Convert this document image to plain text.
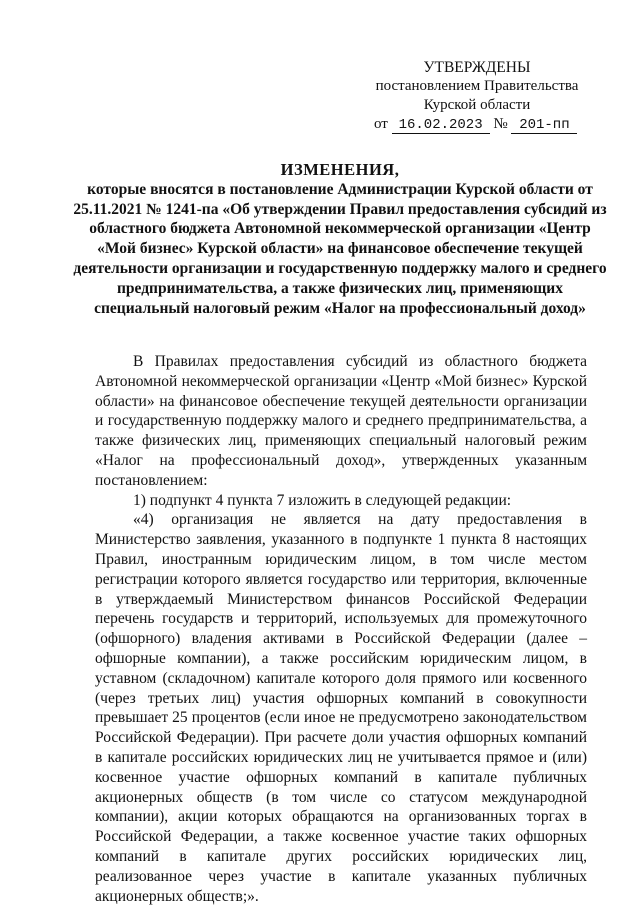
УТВЕРЖДЕНЫ
постановлением Правительства
Курской области
от 16.02.2023 № 201-пп
ИЗМЕНЕНИЯ,
которые вносятся в постановление Администрации Курской области от 25.11.2021 № 1241-па «Об утверждении Правил предоставления субсидий из областного бюджета Автономной некоммерческой организации «Центр «Мой бизнес» Курской области» на финансовое обеспечение текущей деятельности организации и государственную поддержку малого и среднего предпринимательства, а также физических лиц, применяющих специальный налоговый режим «Налог на профессиональный доход»

В Правилах предоставления субсидий из областного бюджета Автономной некоммерческой организации «Центр «Мой бизнес» Курской области» на финансовое обеспечение текущей деятельности организации и государственную поддержку малого и среднего предпринимательства, а также физических лиц, применяющих специальный налоговый режим «Налог на профессиональный доход», утвержденных указанным постановлением:

1) подпункт 4 пункта 7 изложить в следующей редакции:

«4) организация не является на дату предоставления в Министерство заявления, указанного в подпункте 1 пункта 8 настоящих Правил, иностранным юридическим лицом, в том числе местом регистрации которого является государство или территория, включенные в утверждаемый Министерством финансов Российской Федерации перечень государств и территорий, используемых для промежуточного (офшорного) владения активами в Российской Федерации (далее – офшорные компании), а также российским юридическим лицом, в уставном (складочном) капитале которого доля прямого или косвенного (через третьих лиц) участия офшорных компаний в совокупности превышает 25 процентов (если иное не предусмотрено законодательством Российской Федерации). При расчете доли участия офшорных компаний в капитале российских юридических лиц не учитывается прямое и (или) косвенное участие офшорных компаний в капитале публичных акционерных обществ (в том числе со статусом международной компании), акции которых обращаются на организованных торгах в Российской Федерации, а также косвенное участие таких офшорных компаний в капитале других российских юридических лиц, реализованное через участие в капитале указанных публичных акционерных обществ;».
